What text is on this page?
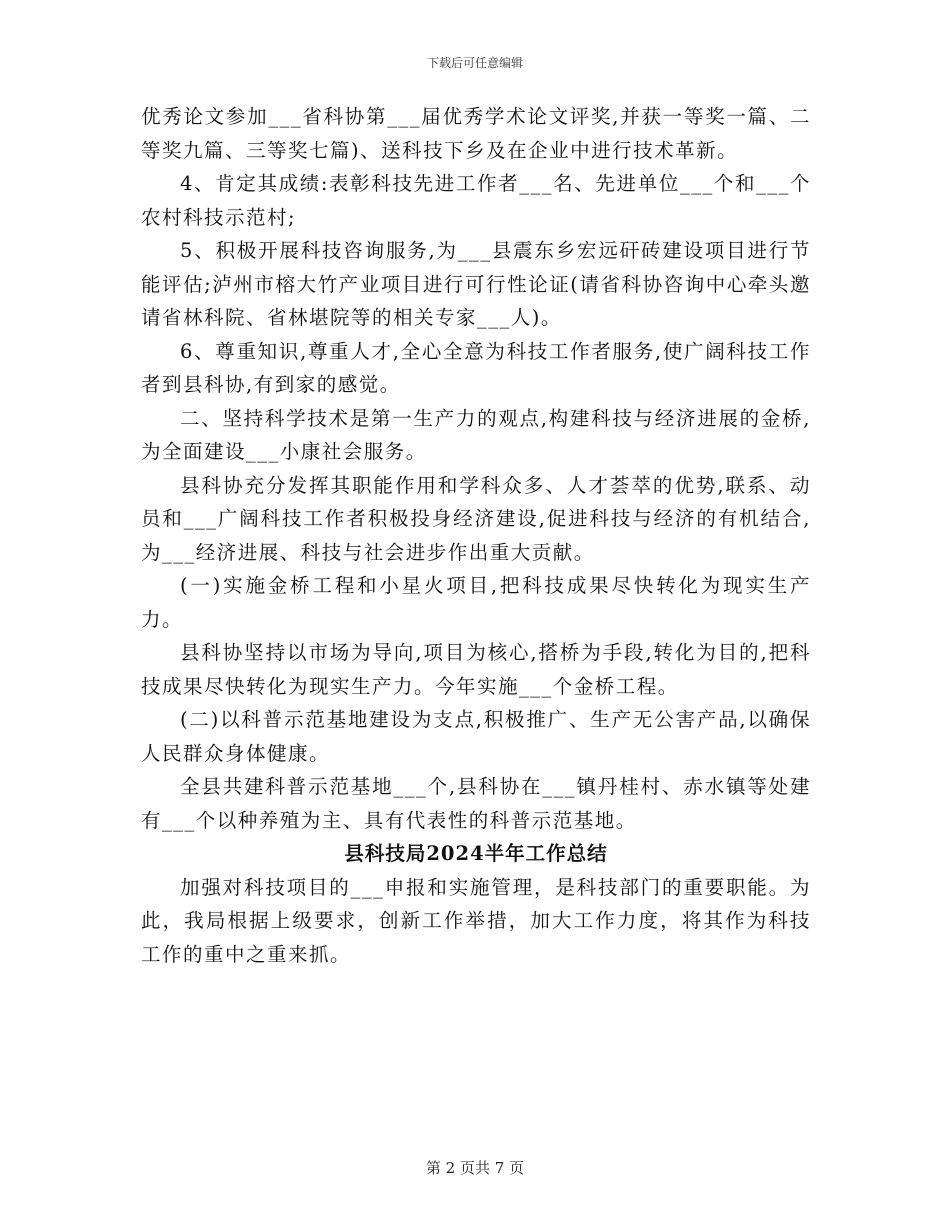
下载后可任意编辑

优秀论文参加___省科协第___届优秀学术论文评奖,并获一等奖一篇、二等奖九篇、三等奖七篇)、送科技下乡及在企业中进行技术革新。

4、肯定其成绩:表彰科技先进工作者___名、先进单位___个和___个农村科技示范村;

5、积极开展科技咨询服务,为___县震东乡宏远矸砖建设项目进行节能评估;泸州市榕大竹产业项目进行可行性论证(请省科协咨询中心牵头邀请省林科院、省林堪院等的相关专家___人)。

6、尊重知识,尊重人才,全心全意为科技工作者服务,使广阔科技工作者到县科协,有到家的感觉。

二、坚持科学技术是第一生产力的观点,构建科技与经济进展的金桥,为全面建设___小康社会服务。

县科协充分发挥其职能作用和学科众多、人才荟萃的优势,联系、动员和___广阔科技工作者积极投身经济建设,促进科技与经济的有机结合,为___经济进展、科技与社会进步作出重大贡献。

(一)实施金桥工程和小星火项目,把科技成果尽快转化为现实生产力。

县科协坚持以市场为导向,项目为核心,搭桥为手段,转化为目的,把科技成果尽快转化为现实生产力。今年实施___个金桥工程。

(二)以科普示范基地建设为支点,积极推广、生产无公害产品,以确保人民群众身体健康。

全县共建科普示范基地___个,县科协在___镇丹桂村、赤水镇等处建有___个以种养殖为主、具有代表性的科普示范基地。

县科技局2024半年工作总结

加强对科技项目的___申报和实施管理，是科技部门的重要职能。为此，我局根据上级要求，创新工作举措，加大工作力度，将其作为科技工作的重中之重来抓。

第 2 页共 7 页
